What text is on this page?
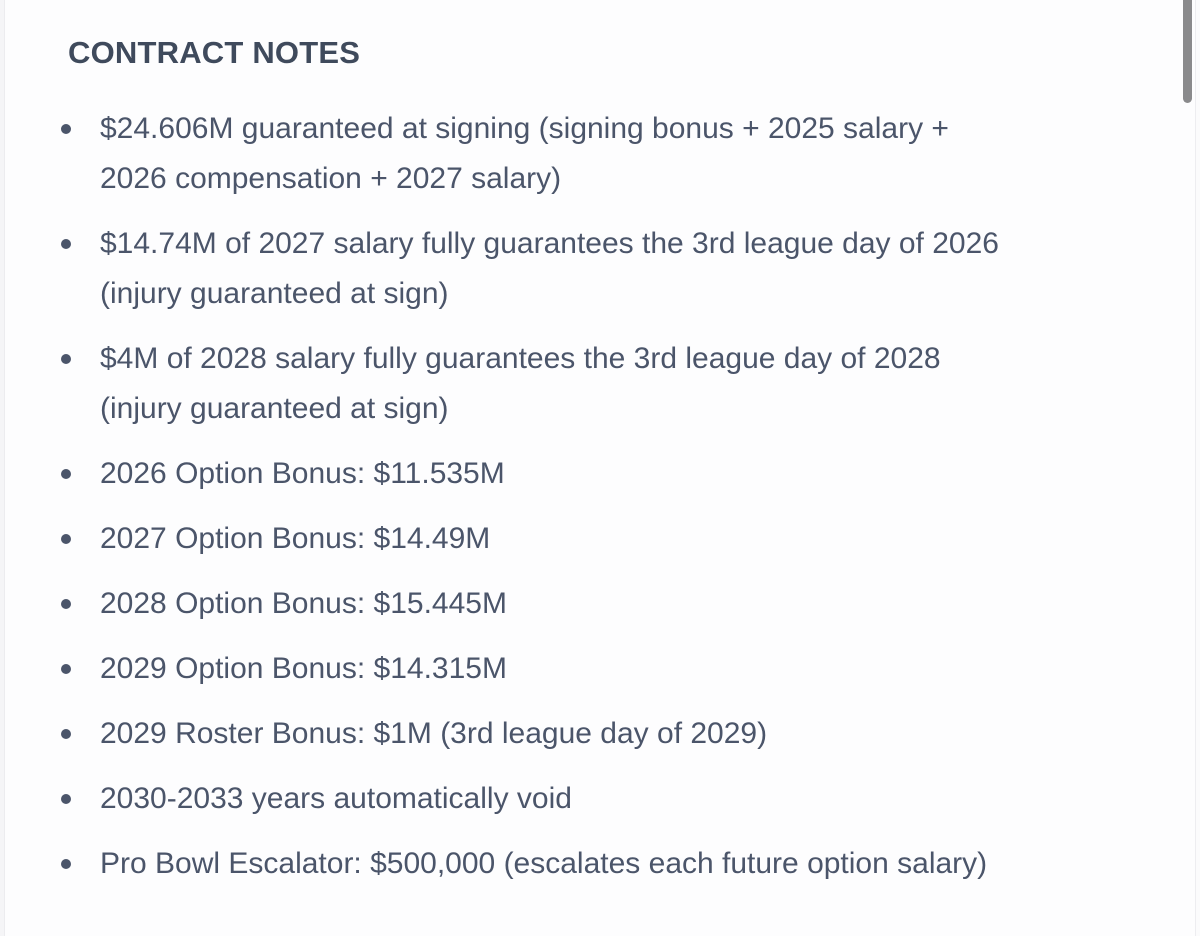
CONTRACT NOTES
$24.606M guaranteed at signing (signing bonus + 2025 salary + 2026 compensation + 2027 salary)
$14.74M of 2027 salary fully guarantees the 3rd league day of 2026 (injury guaranteed at sign)
$4M of 2028 salary fully guarantees the 3rd league day of 2028 (injury guaranteed at sign)
2026 Option Bonus: $11.535M
2027 Option Bonus: $14.49M
2028 Option Bonus: $15.445M
2029 Option Bonus: $14.315M
2029 Roster Bonus: $1M (3rd league day of 2029)
2030-2033 years automatically void
Pro Bowl Escalator: $500,000 (escalates each future option salary)
